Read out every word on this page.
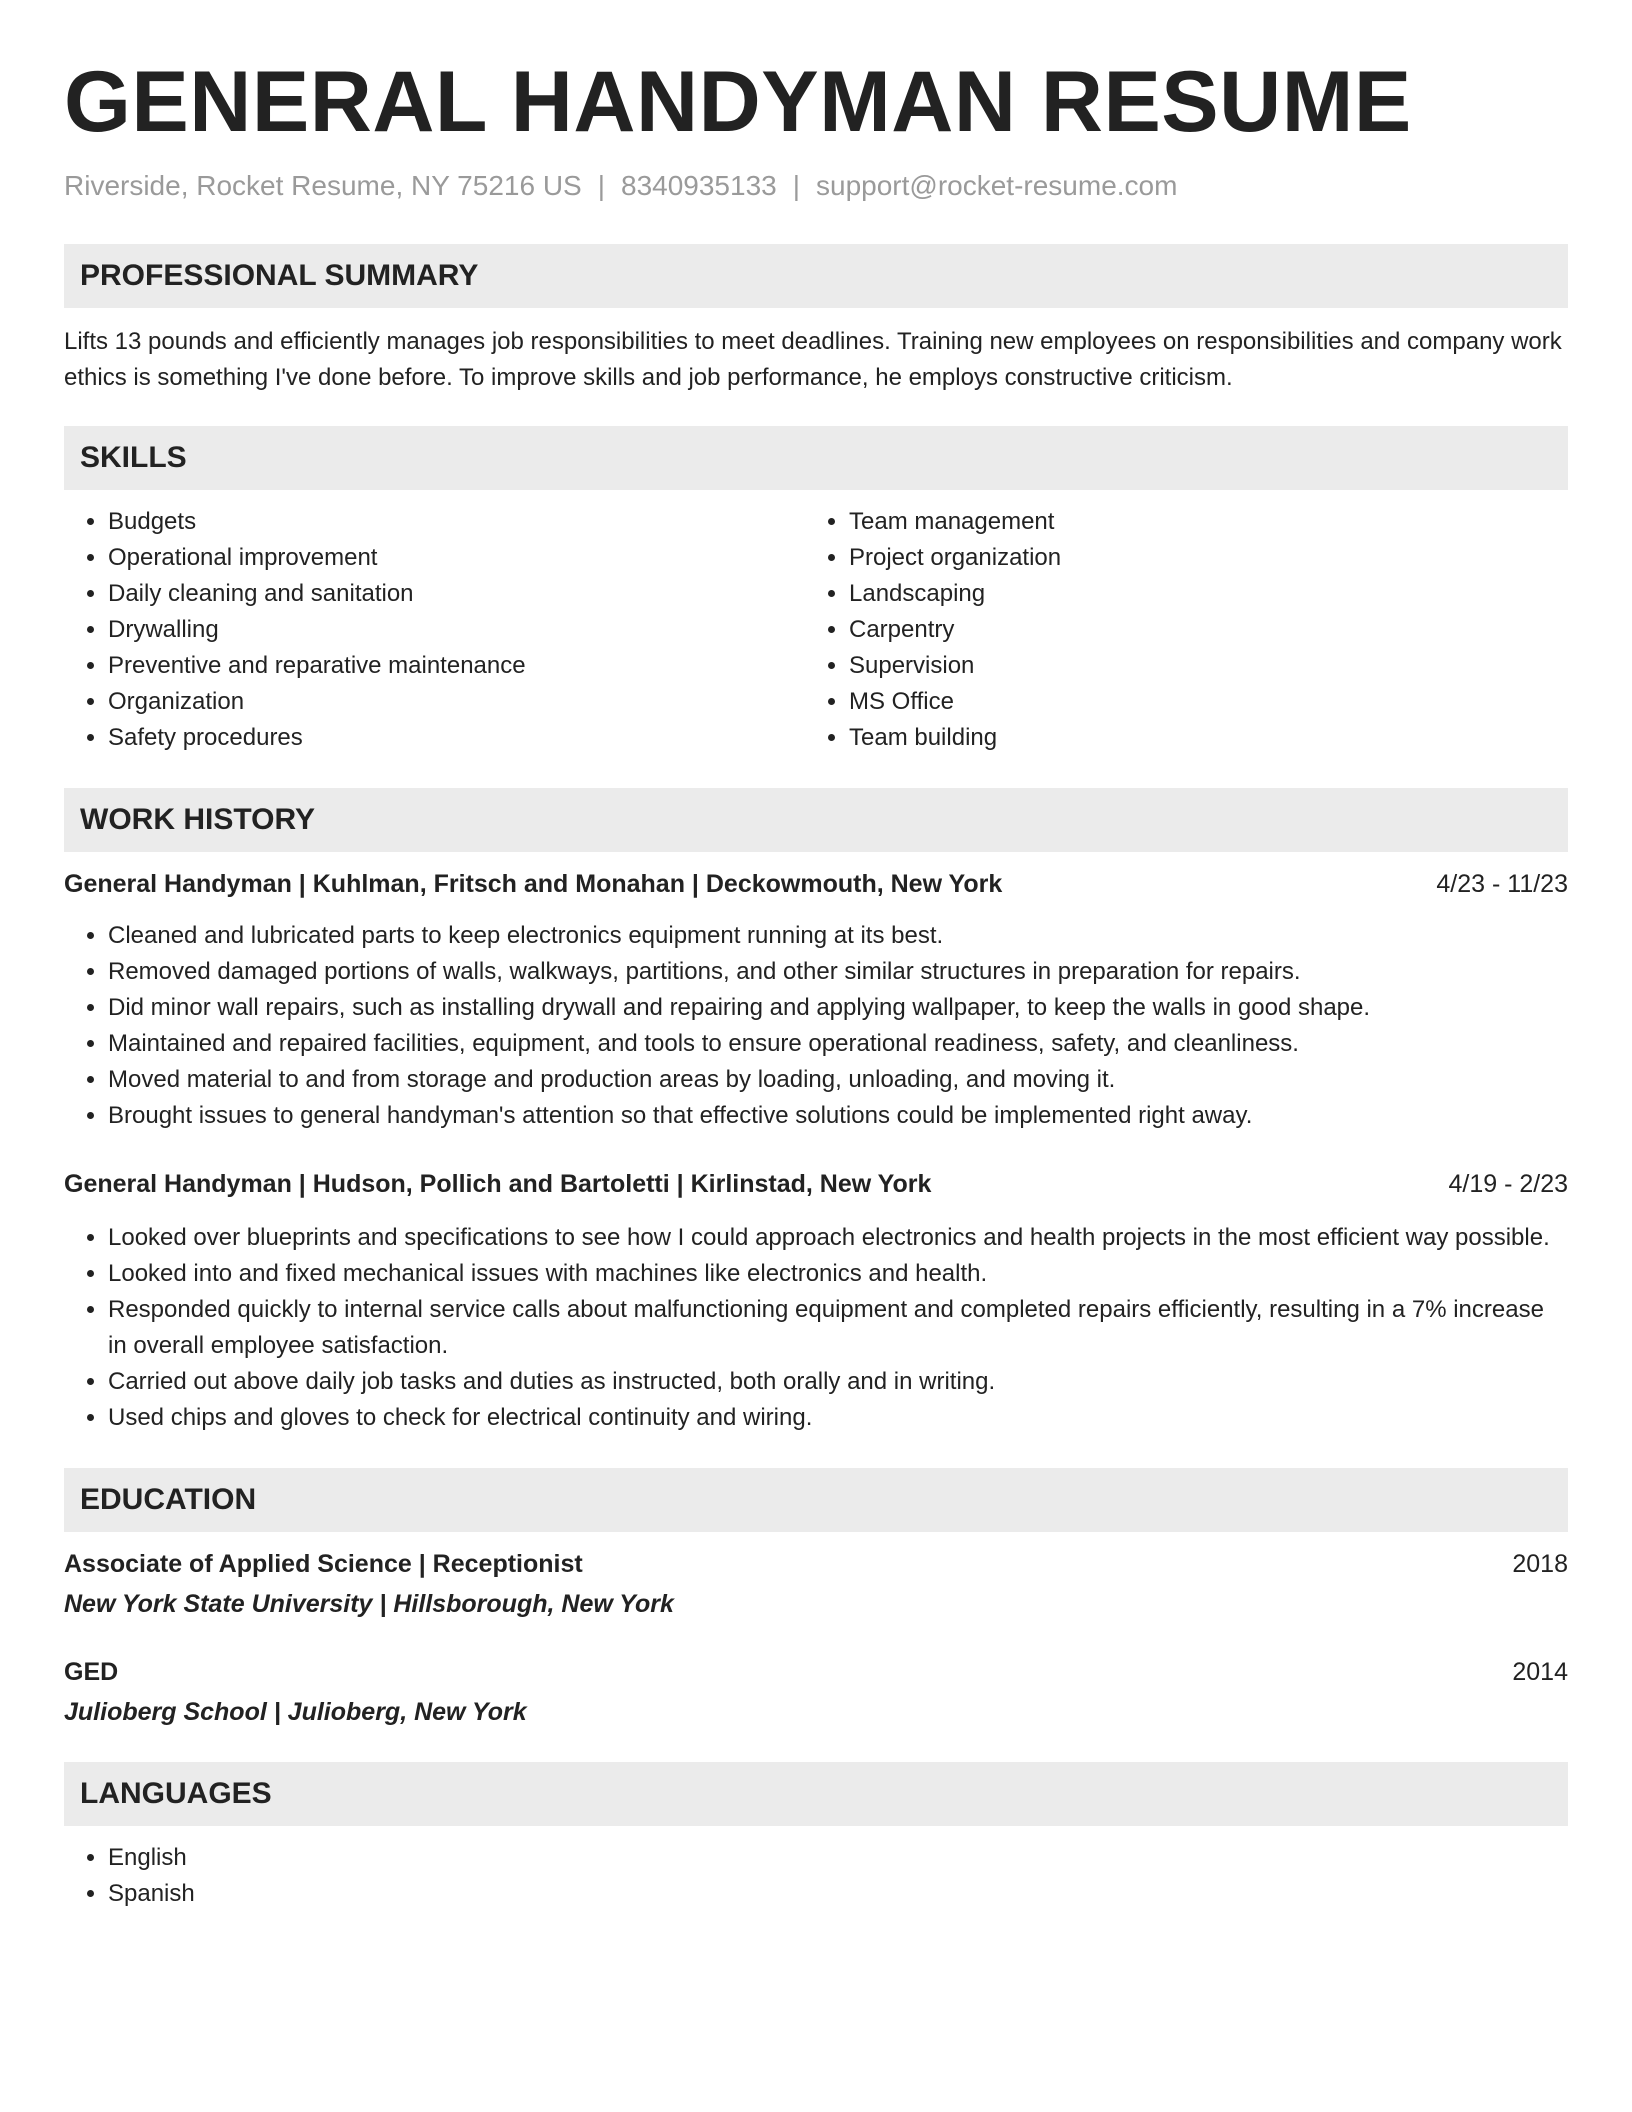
GENERAL HANDYMAN RESUME
Riverside, Rocket Resume, NY 75216 US | 8340935133 | support@rocket-resume.com
PROFESSIONAL SUMMARY

Lifts 13 pounds and efficiently manages job responsibilities to meet deadlines. Training new employees on responsibilities and company work ethics is something I've done before. To improve skills and job performance, he employs constructive criticism.

SKILLS
• Budgets
• Operational improvement
• Daily cleaning and sanitation
• Drywalling
• Preventive and reparative maintenance
• Organization
• Safety procedures
• Team management
• Project organization
• Landscaping
• Carpentry
• Supervision
• MS Office
• Team building
WORK HISTORY
General Handyman | Kuhlman, Fritsch and Monahan | Deckowmouth, New York	4/23 - 11/23
• Cleaned and lubricated parts to keep electronics equipment running at its best.
• Removed damaged portions of walls, walkways, partitions, and other similar structures in preparation for repairs.
• Did minor wall repairs, such as installing drywall and repairing and applying wallpaper, to keep the walls in good shape.
• Maintained and repaired facilities, equipment, and tools to ensure operational readiness, safety, and cleanliness.
• Moved material to and from storage and production areas by loading, unloading, and moving it.
• Brought issues to general handyman's attention so that effective solutions could be implemented right away.
General Handyman | Hudson, Pollich and Bartoletti | Kirlinstad, New York	4/19 - 2/23
• Looked over blueprints and specifications to see how I could approach electronics and health projects in the most efficient way possible.
• Looked into and fixed mechanical issues with machines like electronics and health.
• Responded quickly to internal service calls about malfunctioning equipment and completed repairs efficiently, resulting in a 7% increase in overall employee satisfaction.
• Carried out above daily job tasks and duties as instructed, both orally and in writing.
• Used chips and gloves to check for electrical continuity and wiring.
EDUCATION
Associate of Applied Science | Receptionist	2018
New York State University | Hillsborough, New York
GED	2014
Julioberg School | Julioberg, New York
LANGUAGES
• English
• Spanish
